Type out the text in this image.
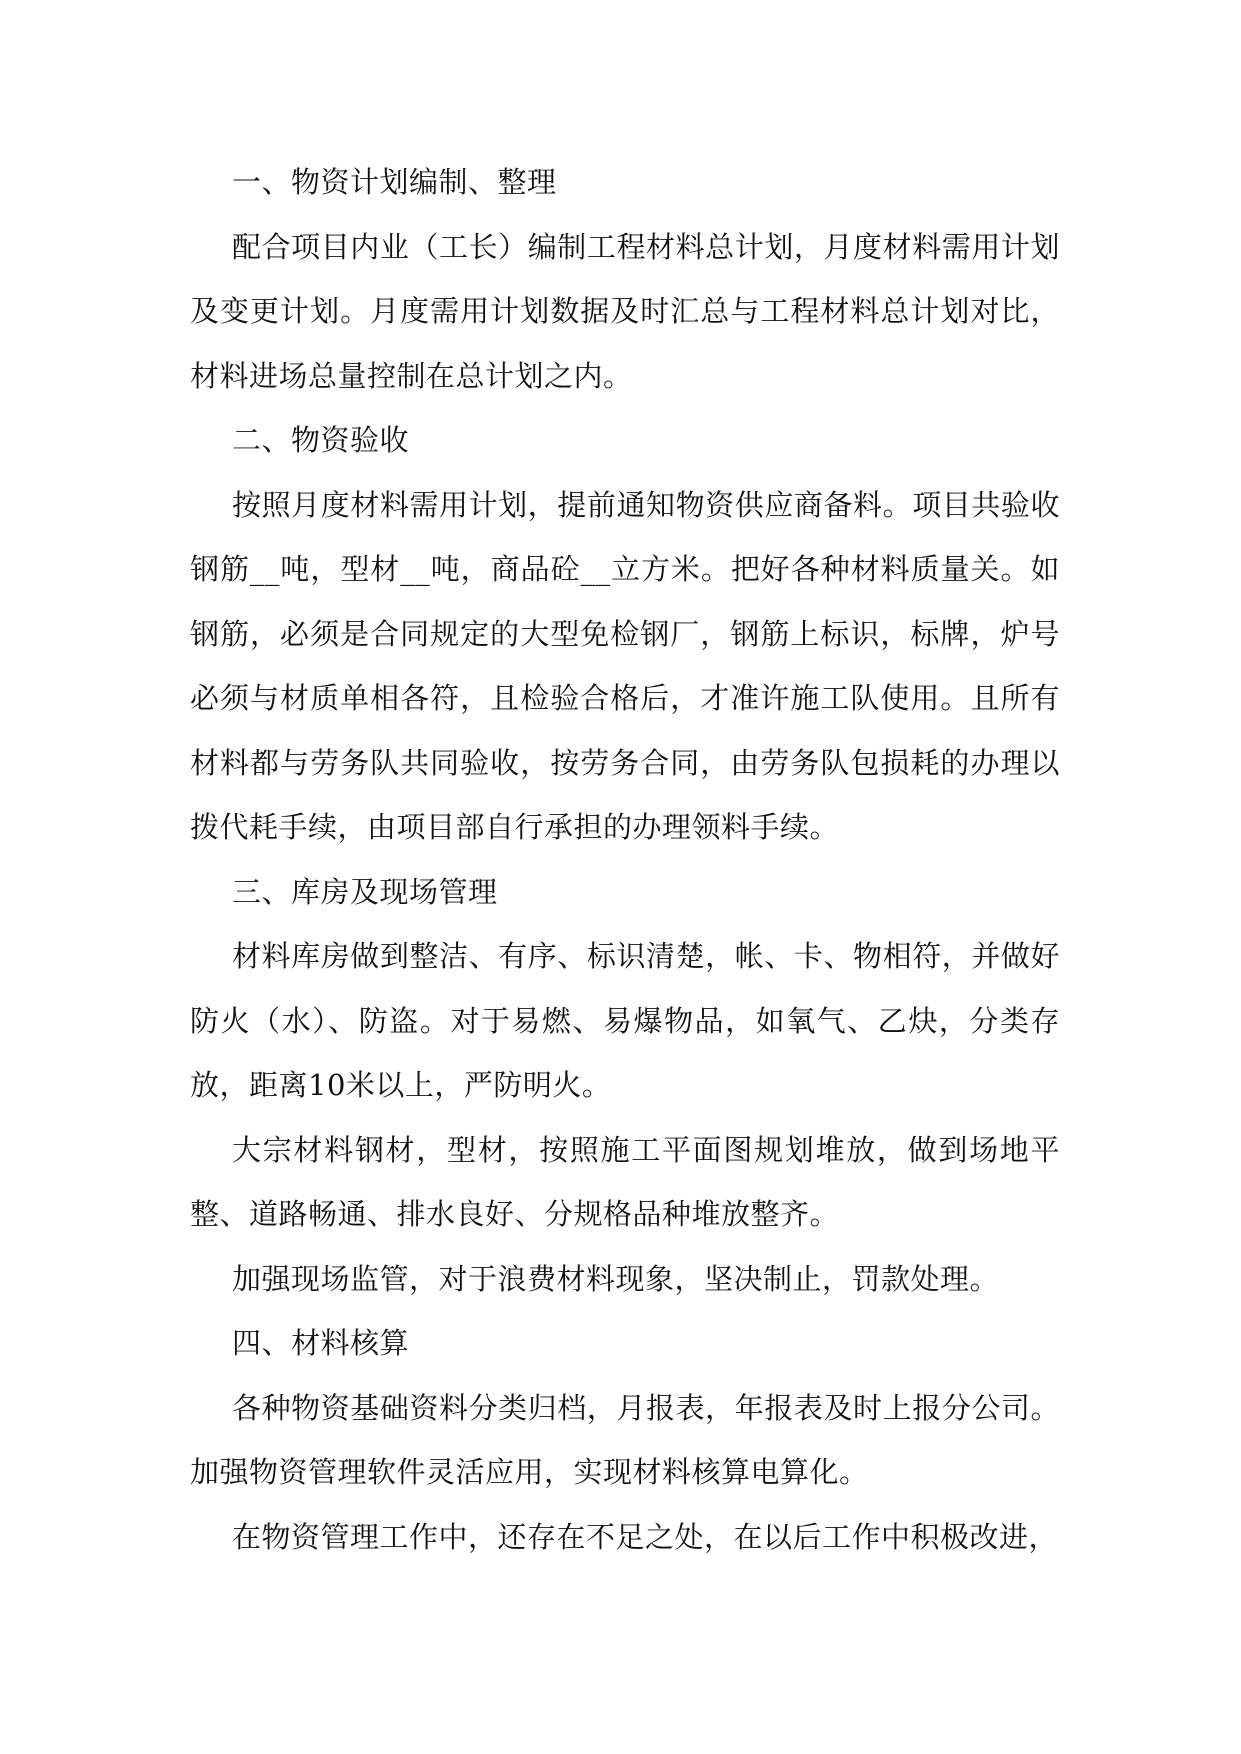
一、物资计划编制、整理

配合项目内业（工长）编制工程材料总计划，月度材料需用计划及变更计划。月度需用计划数据及时汇总与工程材料总计划对比，材料进场总量控制在总计划之内。

二、物资验收

按照月度材料需用计划，提前通知物资供应商备料。项目共验收钢筋__吨，型材__吨，商品砼__立方米。把好各种材料质量关。如钢筋，必须是合同规定的大型免检钢厂，钢筋上标识，标牌，炉号必须与材质单相各符，且检验合格后，才准许施工队使用。且所有材料都与劳务队共同验收，按劳务合同，由劳务队包损耗的办理以拨代耗手续，由项目部自行承担的办理领料手续。

三、库房及现场管理

材料库房做到整洁、有序、标识清楚，帐、卡、物相符，并做好防火（水）、防盗。对于易燃、易爆物品，如氧气、乙炔，分类存放，距离10米以上，严防明火。

大宗材料钢材，型材，按照施工平面图规划堆放，做到场地平整、道路畅通、排水良好、分规格品种堆放整齐。

加强现场监管，对于浪费材料现象，坚决制止，罚款处理。

四、材料核算

各种物资基础资料分类归档，月报表，年报表及时上报分公司。加强物资管理软件灵活应用，实现材料核算电算化。

在物资管理工作中，还存在不足之处，在以后工作中积极改进，
